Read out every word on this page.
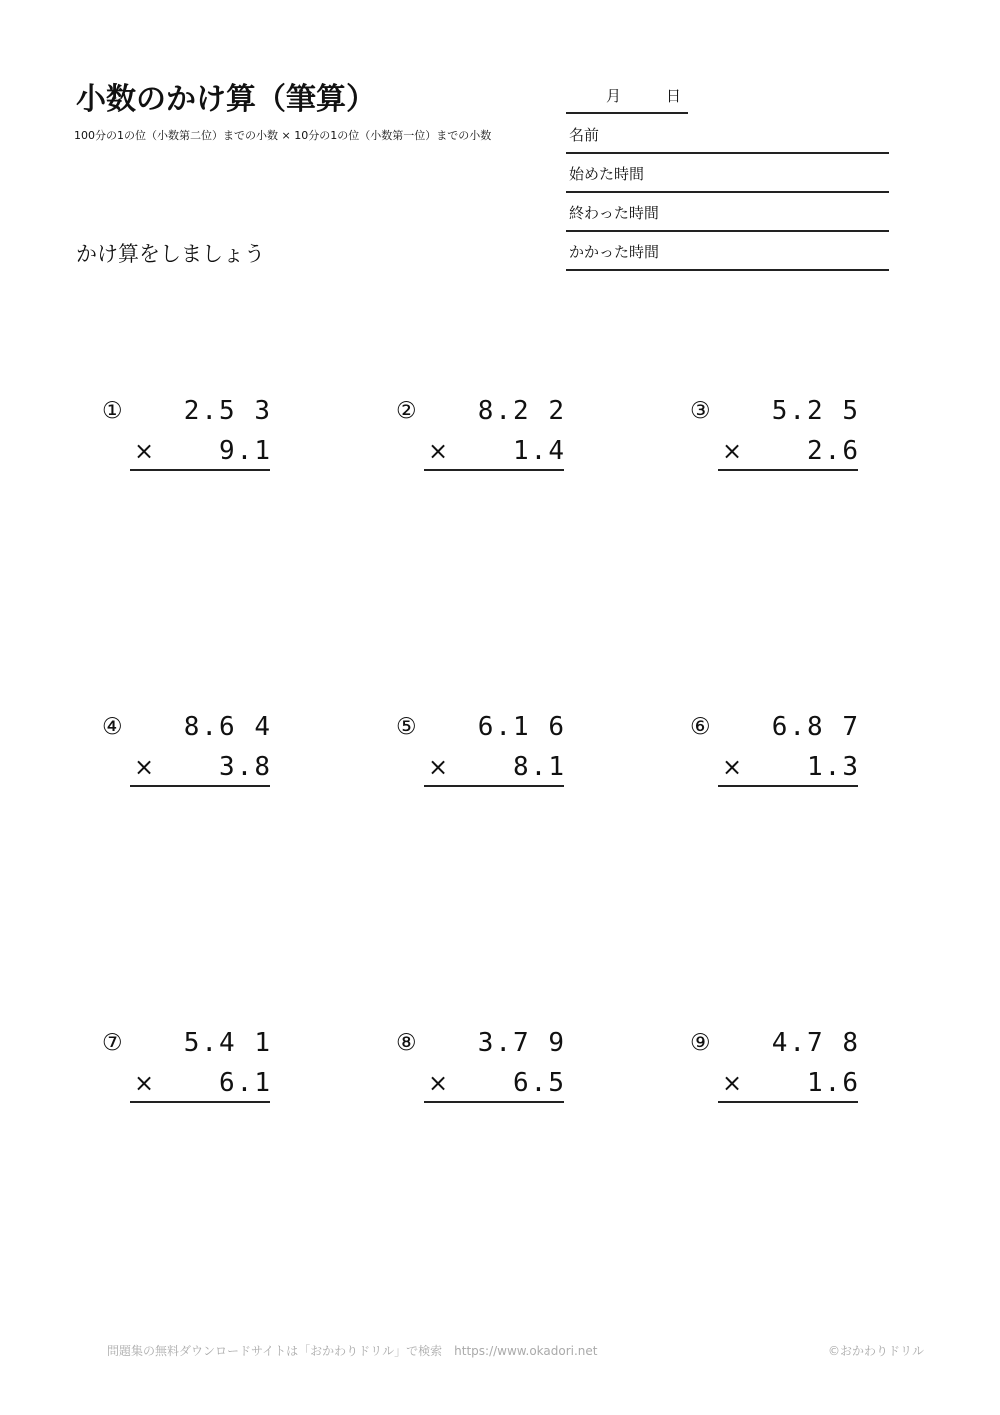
小数のかけ算（筆算）
100分の1の位（小数第二位）までの小数 × 10分の1の位（小数第一位）までの小数
かけ算をしましょう
月	日
名前
始めた時間
終わった時間
かかった時間
①	2.5 3
× 9.1
②	8.2 2
× 1.4
③	5.2 5
× 2.6
④	8.6 4
× 3.8
⑤	6.1 6
× 8.1
⑥	6.8 7
× 1.3
⑦	5.4 1
× 6.1
⑧	3.7 9
× 6.5
⑨	4.7 8
× 1.6
問題集の無料ダウンロードサイトは「おかわりドリル」で検索　https://www.okadori.net	©おかわりドリル
